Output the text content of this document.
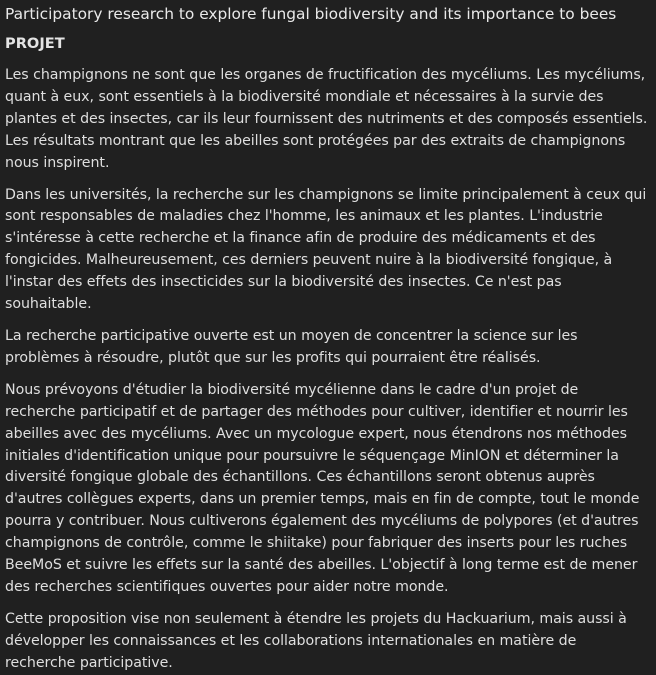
Participatory research to explore fungal biodiversity and its importance to bees
PROJET

Les champignons ne sont que les organes de fructification des mycéliums. Les mycéliums, quant à eux, sont essentiels à la biodiversité mondiale et nécessaires à la survie des plantes et des insectes, car ils leur fournissent des nutriments et des composés essentiels. Les résultats montrant que les abeilles sont protégées par des extraits de champignons nous inspirent.

Dans les universités, la recherche sur les champignons se limite principalement à ceux qui sont responsables de maladies chez l'homme, les animaux et les plantes. L'industrie s'intéresse à cette recherche et la finance afin de produire des médicaments et des fongicides. Malheureusement, ces derniers peuvent nuire à la biodiversité fongique, à l'instar des effets des insecticides sur la biodiversité des insectes. Ce n'est pas souhaitable.

La recherche participative ouverte est un moyen de concentrer la science sur les problèmes à résoudre, plutôt que sur les profits qui pourraient être réalisés.

Nous prévoyons d'étudier la biodiversité mycélienne dans le cadre d'un projet de recherche participatif et de partager des méthodes pour cultiver, identifier et nourrir les abeilles avec des mycéliums. Avec un mycologue expert, nous étendrons nos méthodes initiales d'identification unique pour poursuivre le séquençage MinION et déterminer la diversité fongique globale des échantillons. Ces échantillons seront obtenus auprès d'autres collègues experts, dans un premier temps, mais en fin de compte, tout le monde pourra y contribuer. Nous cultiverons également des mycéliums de polypores (et d'autres champignons de contrôle, comme le shiitake) pour fabriquer des inserts pour les ruches BeeMoS et suivre les effets sur la santé des abeilles. L'objectif à long terme est de mener des recherches scientifiques ouvertes pour aider notre monde.

Cette proposition vise non seulement à étendre les projets du Hackuarium, mais aussi à développer les connaissances et les collaborations internationales en matière de recherche participative.
